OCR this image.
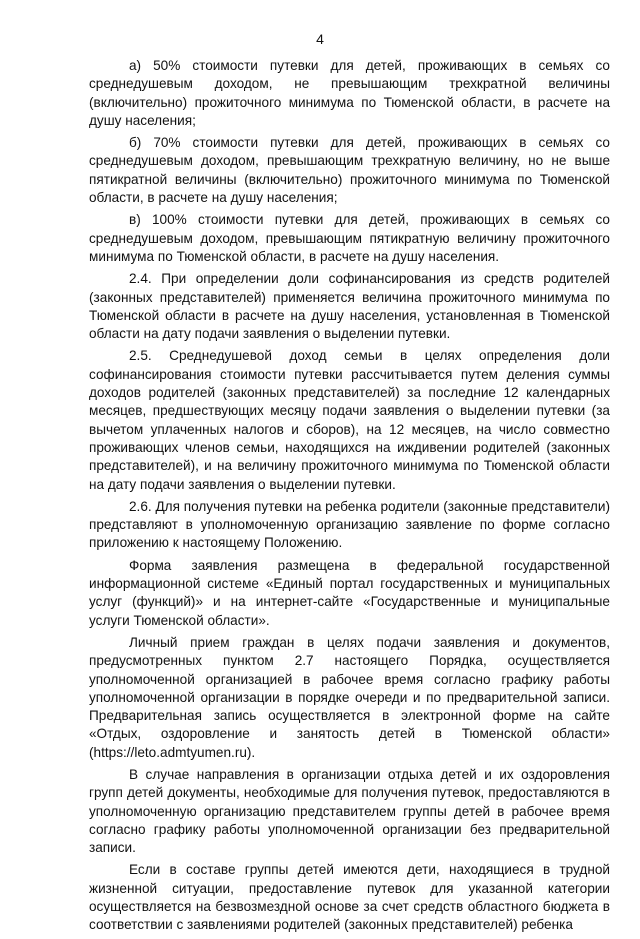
4

а) 50% стоимости путевки для детей, проживающих в семьях со среднедушевым доходом, не превышающим трехкратной величины (включительно) прожиточного минимума по Тюменской области, в расчете на душу населения;

б) 70% стоимости путевки для детей, проживающих в семьях со среднедушевым доходом, превышающим трехкратную величину, но не выше пятикратной величины (включительно) прожиточного минимума по Тюменской области, в расчете на душу населения;

в) 100% стоимости путевки для детей, проживающих в семьях со среднедушевым доходом, превышающим пятикратную величину прожиточного минимума по Тюменской области, в расчете на душу населения.

2.4. При определении доли софинансирования из средств родителей (законных представителей) применяется величина прожиточного минимума по Тюменской области в расчете на душу населения, установленная в Тюменской области на дату подачи заявления о выделении путевки.

2.5. Среднедушевой доход семьи в целях определения доли софинансирования стоимости путевки рассчитывается путем деления суммы доходов родителей (законных представителей) за последние 12 календарных месяцев, предшествующих месяцу подачи заявления о выделении путевки (за вычетом уплаченных налогов и сборов), на 12 месяцев, на число совместно проживающих членов семьи, находящихся на иждивении родителей (законных представителей), и на величину прожиточного минимума по Тюменской области на дату подачи заявления о выделении путевки.

2.6. Для получения путевки на ребенка родители (законные представители) представляют в уполномоченную организацию заявление по форме согласно приложению к настоящему Положению.

Форма заявления размещена в федеральной государственной информационной системе «Единый портал государственных и муниципальных услуг (функций)» и на интернет-сайте «Государственные и муниципальные услуги Тюменской области».

Личный прием граждан в целях подачи заявления и документов, предусмотренных пунктом 2.7 настоящего Порядка, осуществляется уполномоченной организацией в рабочее время согласно графику работы уполномоченной организации в порядке очереди и по предварительной записи. Предварительная запись осуществляется в электронной форме на сайте «Отдых, оздоровление и занятость детей в Тюменской области» (https://leto.admtyumen.ru).

В случае направления в организации отдыха детей и их оздоровления групп детей документы, необходимые для получения путевок, предоставляются в уполномоченную организацию представителем группы детей в рабочее время согласно графику работы уполномоченной организации без предварительной записи.

Если в составе группы детей имеются дети, находящиеся в трудной жизненной ситуации, предоставление путевок для указанной категории осуществляется на безвозмездной основе за счет средств областного бюджета в соответствии с заявлениями родителей (законных представителей) ребенка
